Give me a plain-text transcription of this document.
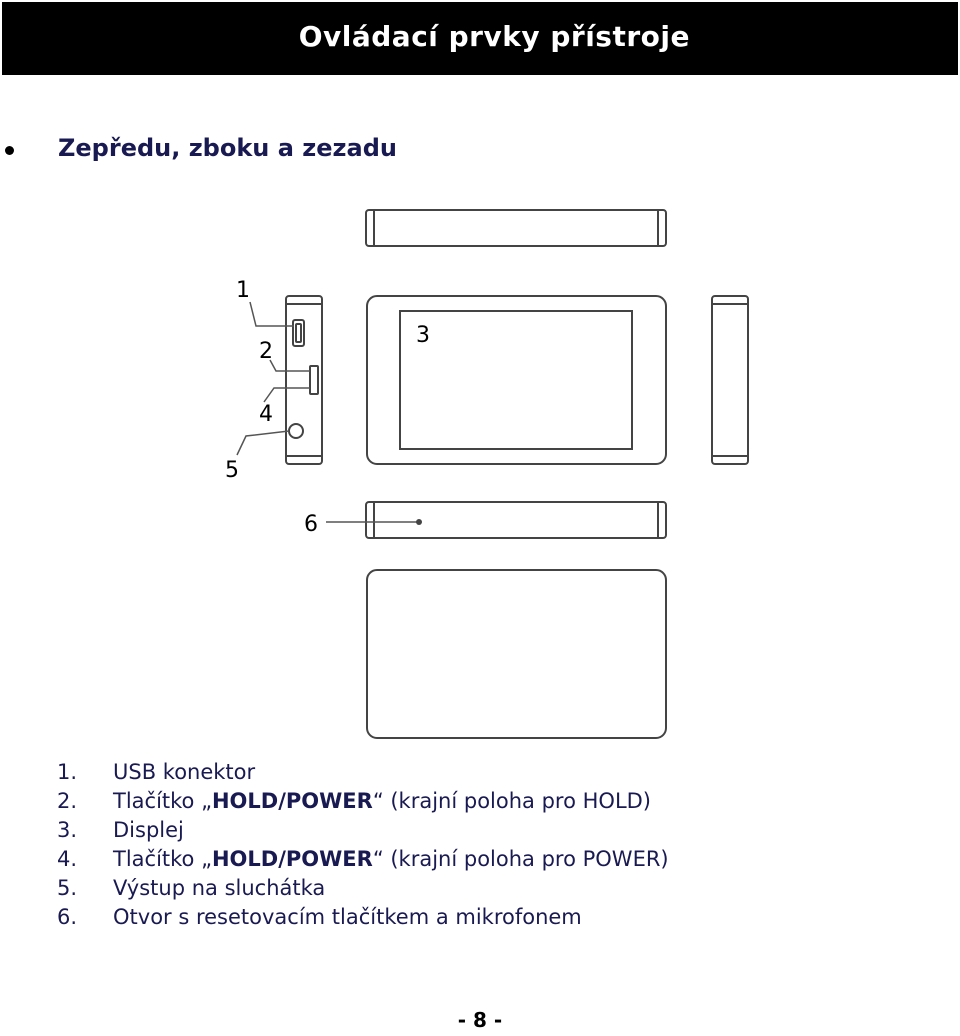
Ovládací prvky přístroje
Zepředu, zboku a zezadu
1
2
3
4
5
6
1. USB konektor
2. Tlačítko „HOLD/POWER“ (krajní poloha pro HOLD)
3. Displej
4. Tlačítko „HOLD/POWER“ (krajní poloha pro POWER)
5. Výstup na sluchátka
6. Otvor s resetovacím tlačítkem a mikrofonem
- 8 -
